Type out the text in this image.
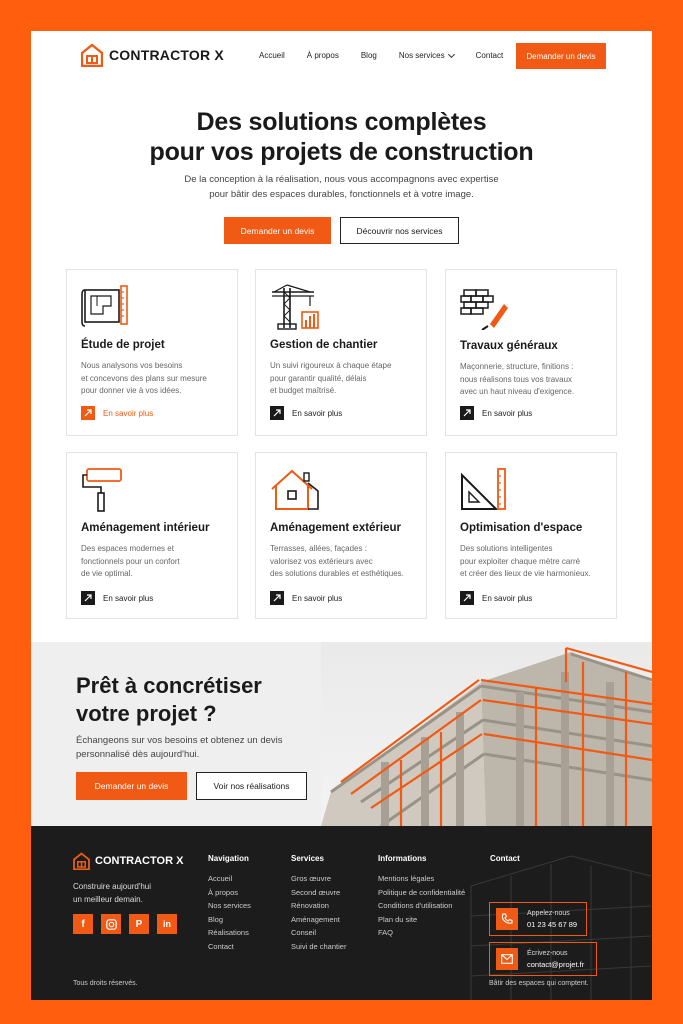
CONTRACTOR X	Accueil	À propos	Blog	Nos services	Contact	Demander un devis
Des solutions complètes
pour vos projets de construction
De la conception à la réalisation, nous vous accompagnons avec expertise
pour bâtir des espaces durables, fonctionnels et à votre image.
Demander un devis	Découvrir nos services
Étude de projet
Nous analysons vos besoins
et concevons des plans sur mesure
pour donner vie à vos idées.
En savoir plus
Gestion de chantier
Un suivi rigoureux à chaque étape
pour garantir qualité, délais
et budget maîtrisé.
En savoir plus
Travaux généraux
Maçonnerie, structure, finitions :
nous réalisons tous vos travaux
avec un haut niveau d'exigence.
En savoir plus
Aménagement intérieur
Des espaces modernes et
fonctionnels pour un confort
de vie optimal.
En savoir plus
Aménagement extérieur
Terrasses, allées, façades :
valorisez vos extérieurs avec
des solutions durables et esthétiques.
En savoir plus
Optimisation d'espace
Des solutions intelligentes
pour exploiter chaque mètre carré
et créer des lieux de vie harmonieux.
En savoir plus
Prêt à concrétiser
votre projet ?
Échangeons sur vos besoins et obtenez un devis
personnalisé dès aujourd'hui.
Demander un devis	Voir nos réalisations
CONTRACTOR X
Construire aujourd'hui
un meilleur demain.
f	P	in
Navigation
Accueil
À propos
Nos services
Blog
Réalisations
Contact
Services
Gros œuvre
Second œuvre
Rénovation
Aménagement
Conseil
Suivi de chantier
Informations
Mentions légales
Politique de confidentialité
Conditions d'utilisation
Plan du site
FAQ
Contact
Appelez-nous
01 23 45 67 89
Écrivez-nous
contact@projet.fr
Tous droits réservés.	Bâtir des espaces qui comptent.
